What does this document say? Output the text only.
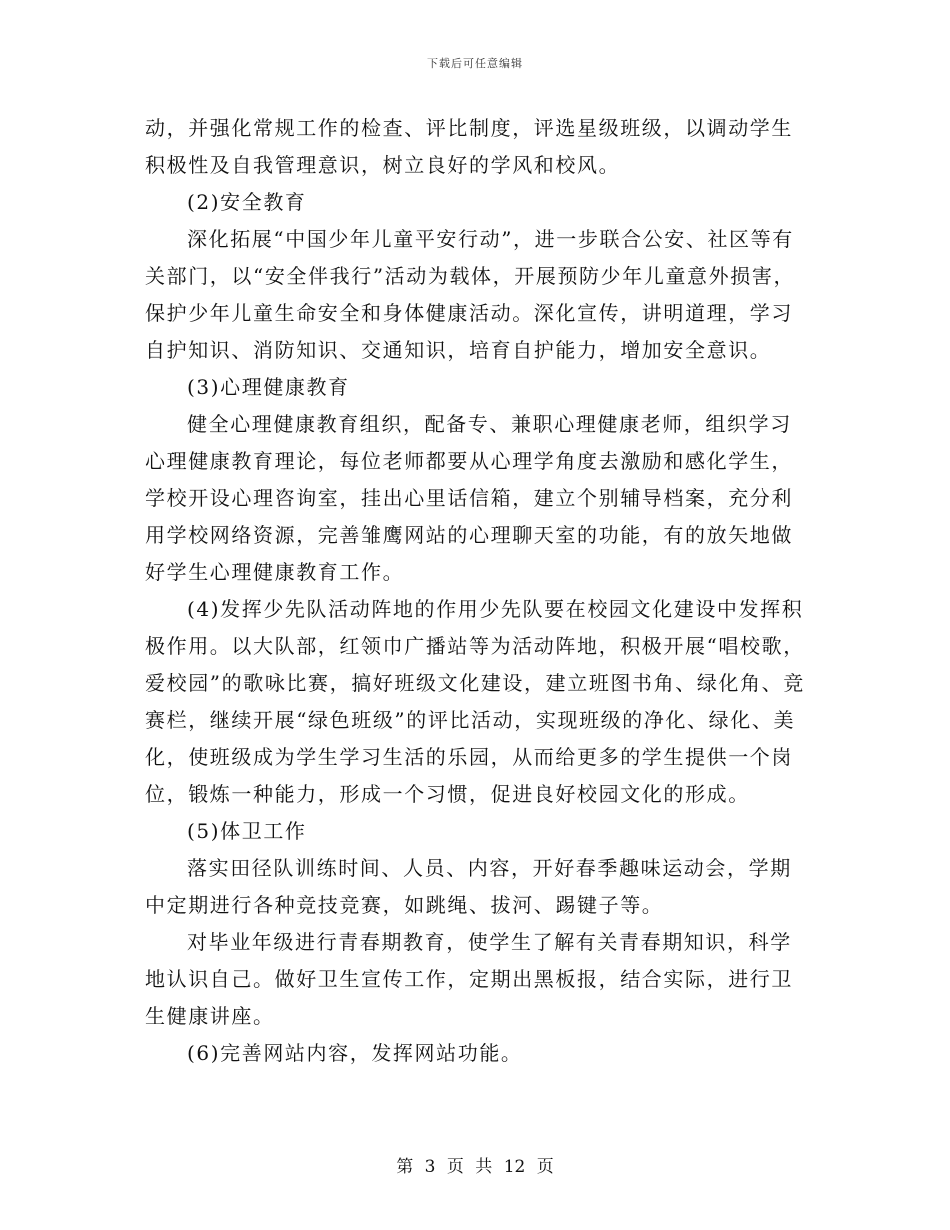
下载后可任意编辑

动，并强化常规工作的检查、评比制度，评选星级班级，以调动学生积极性及自我管理意识，树立良好的学风和校风。

(2)安全教育

深化拓展“中国少年儿童平安行动”，进一步联合公安、社区等有关部门，以“安全伴我行”活动为载体，开展预防少年儿童意外损害，保护少年儿童生命安全和身体健康活动。深化宣传，讲明道理，学习自护知识、消防知识、交通知识，培育自护能力，增加安全意识。

(3)心理健康教育

健全心理健康教育组织，配备专、兼职心理健康老师，组织学习心理健康教育理论，每位老师都要从心理学角度去激励和感化学生，学校开设心理咨询室，挂出心里话信箱，建立个别辅导档案，充分利用学校网络资源，完善雏鹰网站的心理聊天室的功能，有的放矢地做好学生心理健康教育工作。

(4)发挥少先队活动阵地的作用少先队要在校园文化建设中发挥积极作用。以大队部，红领巾广播站等为活动阵地，积极开展“唱校歌，爱校园”的歌咏比赛，搞好班级文化建设，建立班图书角、绿化角、竞赛栏，继续开展“绿色班级”的评比活动，实现班级的净化、绿化、美化，使班级成为学生学习生活的乐园，从而给更多的学生提供一个岗位，锻炼一种能力，形成一个习惯，促进良好校园文化的形成。

(5)体卫工作

落实田径队训练时间、人员、内容，开好春季趣味运动会，学期中定期进行各种竞技竞赛，如跳绳、拔河、踢键子等。

对毕业年级进行青春期教育，使学生了解有关青春期知识，科学地认识自己。做好卫生宣传工作，定期出黑板报，结合实际，进行卫生健康讲座。

(6)完善网站内容，发挥网站功能。

第 3 页 共 12 页
